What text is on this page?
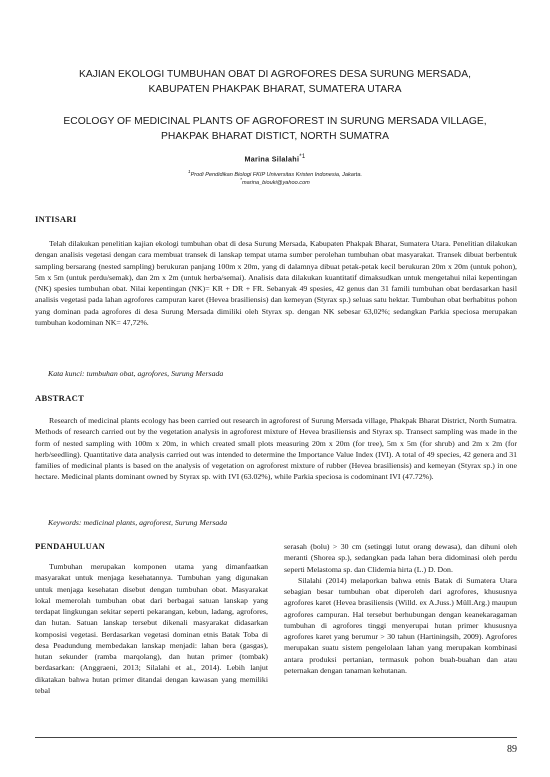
KAJIAN EKOLOGI TUMBUHAN OBAT DI AGROFORES DESA SURUNG MERSADA,
KABUPATEN PHAKPAK BHARAT, SUMATERA UTARA
ECOLOGY OF MEDICINAL PLANTS OF AGROFOREST IN SURUNG MERSADA VILLAGE,
PHAKPAK BHARAT DISTICT, NORTH SUMATRA
Marina Silalahi$^{*1}$
$^1$Prodi Pendidikan Biologi FKIP Universitas Kristen Indonesia, Jakarta.
*marina_biouki@yahoo.com
INTISARI

Telah dilakukan penelitian kajian ekologi tumbuhan obat di desa Surung Mersada, Kabupaten Phakpak Bharat, Sumatera Utara. Penelitian dilakukan dengan analisis vegetasi dengan cara membuat transek di lanskap tempat utama sumber perolehan tumbuhan obat masyarakat. Transek dibuat berbentuk sampling bersarang (nested sampling) berukuran panjang 100m x 20m, yang di dalamnya dibuat petak-petak kecil berukuran 20m x 20m (untuk pohon), 5m x 5m (untuk perdu/semak), dan 2m x 2m (untuk herba/semai). Analisis data dilakukan kuantitatif dimaksudkan untuk mengetahui nilai kepentingan (NK) spesies tumbuhan obat. Nilai kepentingan (NK)= KR + DR + FR. Sebanyak 49 spesies, 42 genus dan 31 famili tumbuhan obat berdasarkan hasil analisis vegetasi pada lahan agrofores campuran karet (Hevea brasiliensis) dan kemeyan (Styrax sp.) seluas satu hektar. Tumbuhan obat berhabitus pohon yang dominan pada agrofores di desa Surung Mersada dimiliki oleh Styrax sp. dengan NK sebesar 63,02%; sedangkan Parkia speciosa merupakan tumbuhan kodominan NK= 47,72%.

Kata kunci: tumbuhan obat, agrofores, Surung Mersada
ABSTRACT

Research of medicinal plants ecology has been carried out research in agroforest of Surung Mersada village, Phakpak Bharat District, North Sumatra. Methods of research carried out by the vegetation analysis in agroforest mixture of Hevea brasiliensis and Styrax sp. Transect sampling was made in the form of nested sampling with 100m x 20m, in which created small plots measuring 20m x 20m (for tree), 5m x 5m (for shrub) and 2m x 2m (for herb/seedling). Quantitative data analysis carried out was intended to determine the Importance Value Index (IVI). A total of 49 species, 42 genera and 31 families of medicinal plants is based on the analysis of vegetation on agroforest mixture of rubber (Hevea brasiliensis) and kemeyan (Styrax sp.) in one hectare. Medicinal plants dominant owned by Styrax sp. with IVI (63.02%), while Parkia speciosa is codominant IVI (47.72%).

Keywords: medicinal plants, agroforest, Surung Mersada
PENDAHULUAN

Tumbuhan merupakan komponen utama yang dimanfaatkan masyarakat untuk menjaga kesehatannya. Tumbuhan yang digunakan untuk menjaga kesehatan disebut dengan tumbuhan obat. Masyarakat lokal memerolah tumbuhan obat dari berbagai satuan lanskap yang terdapat lingkungan sekitar seperti pekarangan, kebun, ladang, agrofores, dan hutan. Satuan lanskap tersebut dikenali masyarakat didasarkan komposisi vegetasi. Berdasarkan vegetasi dominan etnis Batak Toba di desa Peadundung membedakan lanskap menjadi: lahan bera (gasgas), hutan sekunder (ramba marqolang), dan hutan primer (tombak) berdasarkan: (Anggraeni, 2013; Silalahi et al., 2014). Lebih lanjut dikatakan bahwa hutan primer ditandai dengan kawasan yang memiliki tebal

serasah (bolu) > 30 cm (setinggi lutut orang dewasa), dan dihuni oleh meranti (Shorea sp.), sedangkan pada lahan bera didominasi oleh perdu seperti Melastoma sp. dan Clidemia hirta (L.) D. Don.

Silalahi (2014) melaporkan bahwa etnis Batak di Sumatera Utara sebagian besar tumbuhan obat diperoleh dari agrofores, khususnya agrofores karet (Hevea brasiliensis (Willd. ex A.Juss.) Müll.Arg.) maupun agrofores campuran. Hal tersebut berhubungan dengan keanekaragaman tumbuhan di agrofores tinggi menyerupai hutan primer khususnya agrofores karet yang berumur > 30 tahun (Hartiningsih, 2009). Agrofores merupakan suatu sistem pengelolaan lahan yang merupakan kombinasi antara produksi pertanian, termasuk pohon buah-buahan dan atau peternakan dengan tanaman kehutanan.

89
